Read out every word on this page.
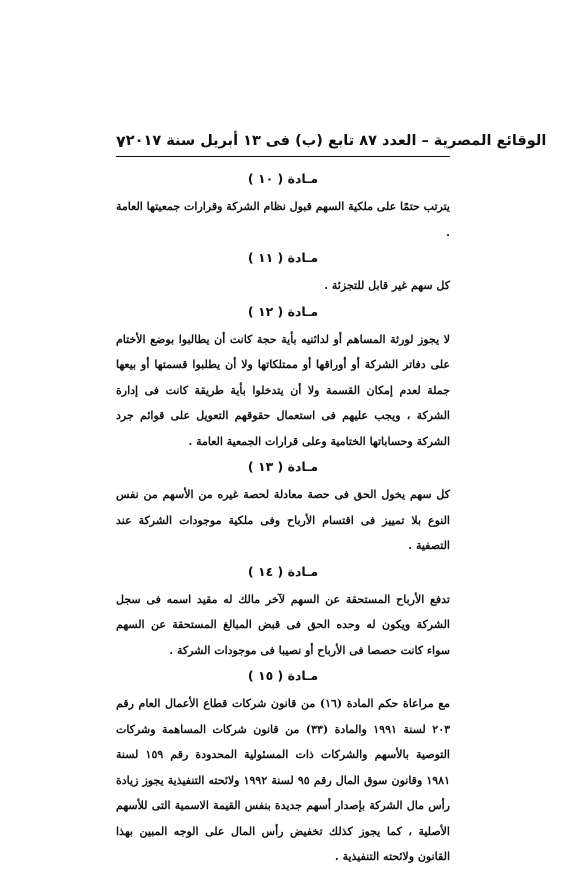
٧ الوقائع المصرية – العدد ٨٧ تابع (ب) فى ١٣ أبريل سنة ٢٠١٧
مـادة ( ١٠ )

يترتب حتمًا على ملكية السهم قبول نظام الشركة وقرارات جمعيتها العامة .

مـادة ( ١١ )

كل سهم غير قابل للتجزئة .

مـادة ( ١٢ )

لا يجوز لورثة المساهم أو لدائنيه بأية حجة كانت أن يطالبوا بوضع الأختام على دفاتر الشركة أو أوراقها أو ممتلكاتها ولا أن يطلبوا قسمتها أو بيعها جملة لعدم إمكان القسمة ولا أن يتدخلوا بأية طريقة كانت فى إدارة الشركة ، ويجب عليهم فى استعمال حقوقهم التعويل على قوائم جرد الشركة وحساباتها الختامية وعلى قرارات الجمعية العامة .

مـادة ( ١٣ )

كل سهم يخول الحق فى حصة معادلة لحصة غيره من الأسهم من نفس النوع بلا تمييز فى اقتسام الأرباح وفى ملكية موجودات الشركة عند التصفية .

مـادة ( ١٤ )

تدفع الأرباح المستحقة عن السهم لآخر مالك له مقيد اسمه فى سجل الشركة ويكون له وحده الحق فى قبض المبالغ المستحقة عن السهم سواء كانت حصصا فى الأرباح أو نصيبا فى موجودات الشركة .

مـادة ( ١٥ )

مع مراعاة حكم المادة (١٦) من قانون شركات قطاع الأعمال العام رقم ٢٠٣ لسنة ١٩٩١ والمادة (٣٣) من قانون شركات المساهمة وشركات التوصية بالأسهم والشركات ذات المسئولية المحدودة رقم ١٥٩ لسنة ١٩٨١ وقانون سوق المال رقم ٩٥ لسنة ١٩٩٢ ولائحته التنفيذية يجوز زيادة رأس مال الشركة بإصدار أسهم جديدة بنفس القيمة الاسمية التى للأسهم الأصلية ، كما يجوز كذلك تخفيض رأس المال على الوجه المبين بهذا القانون ولائحته التنفيذية .
